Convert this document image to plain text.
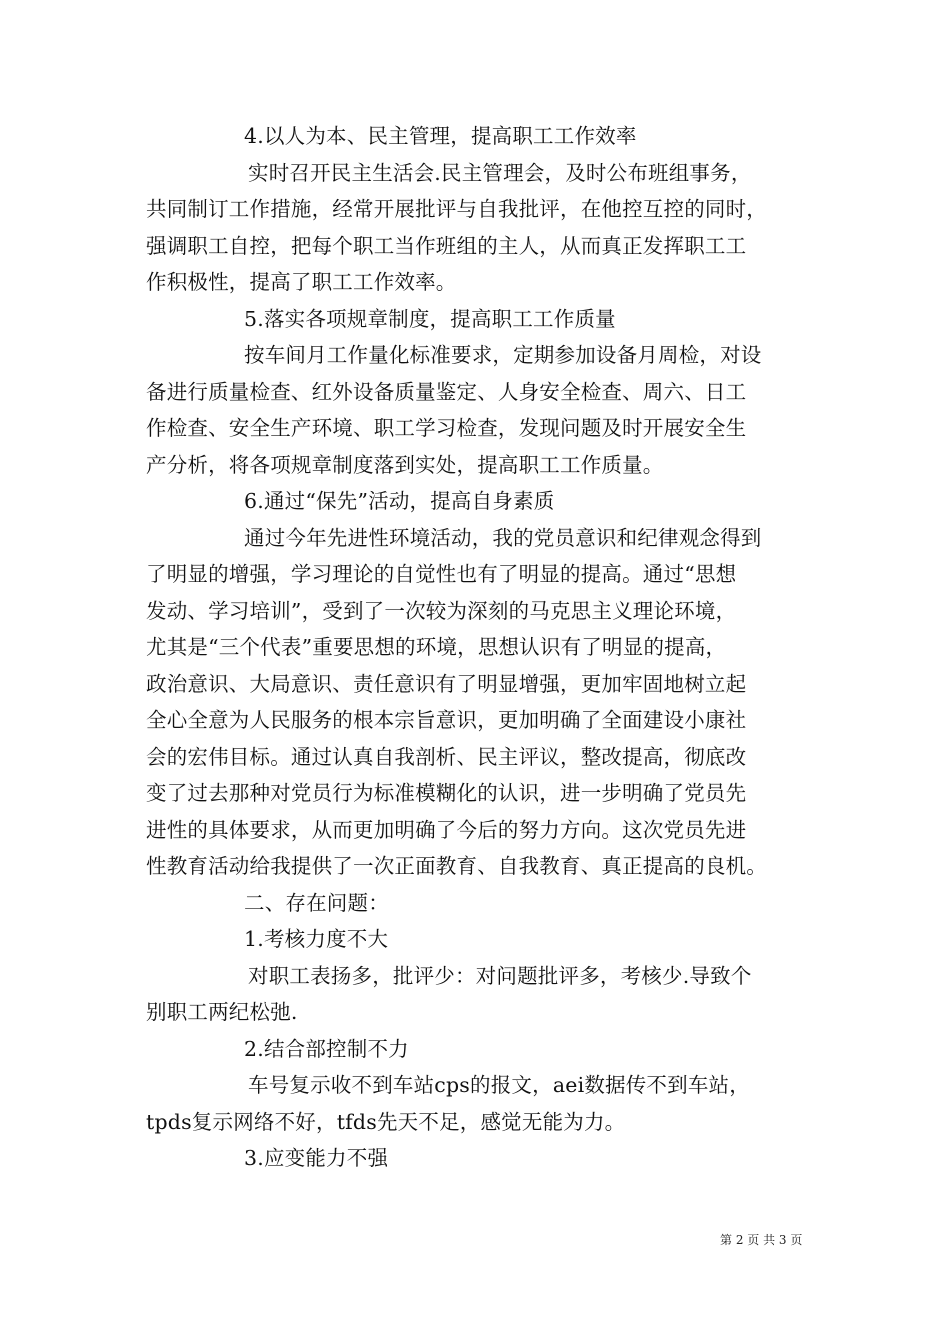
4.以人为本、民主管理，提高职工工作效率
实时召开民主生活会.民主管理会，及时公布班组事务，
共同制订工作措施，经常开展批评与自我批评，在他控互控的同时，
强调职工自控，把每个职工当作班组的主人，从而真正发挥职工工
作积极性，提高了职工工作效率。
5.落实各项规章制度，提高职工工作质量
按车间月工作量化标准要求，定期参加设备月周检，对设
备进行质量检查、红外设备质量鉴定、人身安全检查、周六、日工
作检查、安全生产环境、职工学习检查，发现问题及时开展安全生
产分析，将各项规章制度落到实处，提高职工工作质量。
6.通过“保先”活动，提高自身素质
通过今年先进性环境活动，我的党员意识和纪律观念得到
了明显的增强，学习理论的自觉性也有了明显的提高。通过“思想
发动、学习培训”，受到了一次较为深刻的马克思主义理论环境，
尤其是“三个代表”重要思想的环境，思想认识有了明显的提高，
政治意识、大局意识、责任意识有了明显增强，更加牢固地树立起
全心全意为人民服务的根本宗旨意识，更加明确了全面建设小康社
会的宏伟目标。通过认真自我剖析、民主评议，整改提高，彻底改
变了过去那种对党员行为标准模糊化的认识，进一步明确了党员先
进性的具体要求，从而更加明确了今后的努力方向。这次党员先进
性教育活动给我提供了一次正面教育、自我教育、真正提高的良机。
二、存在问题：
1.考核力度不大
对职工表扬多，批评少：对问题批评多，考核少.导致个
别职工两纪松弛.
2.结合部控制不力
车号复示收不到车站cps的报文，aei数据传不到车站，
tpds复示网络不好，tfds先天不足，感觉无能为力。
3.应变能力不强
第 2 页 共 3 页
